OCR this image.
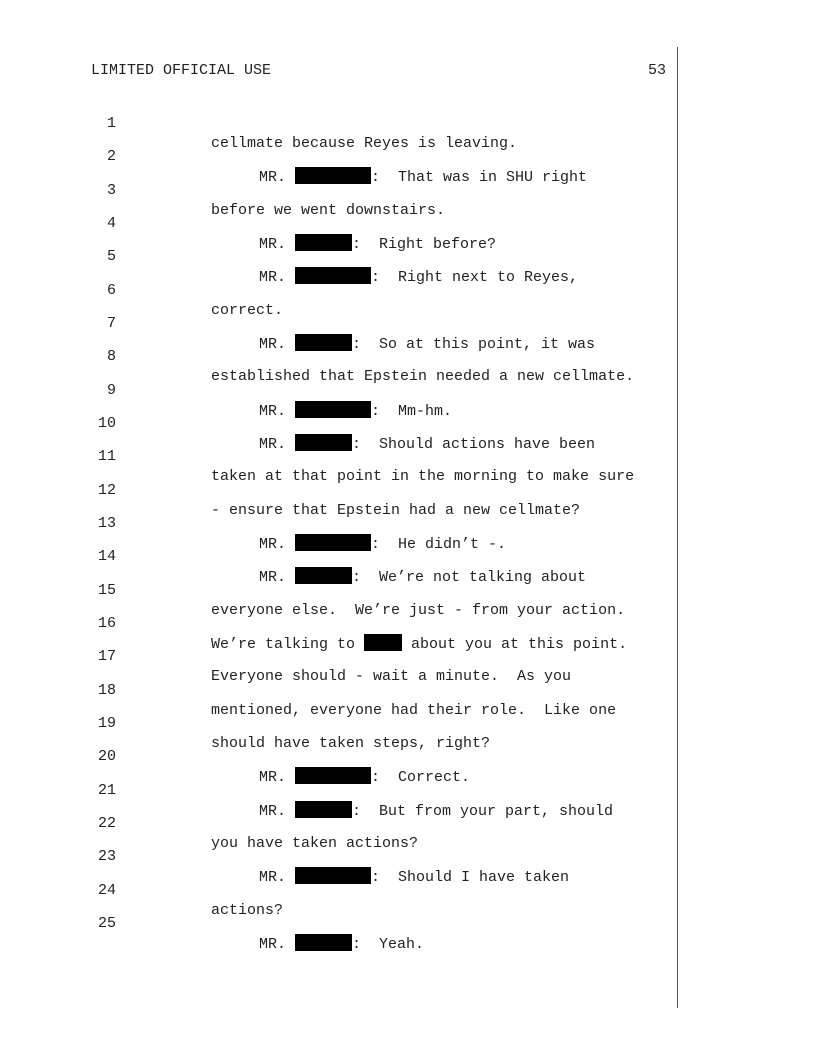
LIMITED OFFICIAL USE	53

1

cellmate because Reyes is leaving.

2

MR.	:  That was in SHU right

3

before we went downstairs.

4

MR.	:  Right before?

5

MR.	:  Right next to Reyes,

6

correct.

7

MR.	:  So at this point, it was

8

established that Epstein needed a new cellmate.

9

MR.	:  Mm-hm.

10

MR.	:  Should actions have been

11

taken at that point in the morning to make sure

12

- ensure that Epstein had a new cellmate?

13

MR.	:  He didn’t -.

14

MR.	:  We’re not talking about

15

everyone else.  We’re just - from your action.

16

We’re talking to	about you at this point.

17

Everyone should - wait a minute.  As you

18

mentioned, everyone had their role.  Like one

19

should have taken steps, right?

20

MR.	:  Correct.

21

MR.	:  But from your part, should

22

you have taken actions?

23

MR.	:  Should I have taken

24

actions?

25

MR.	:  Yeah.
